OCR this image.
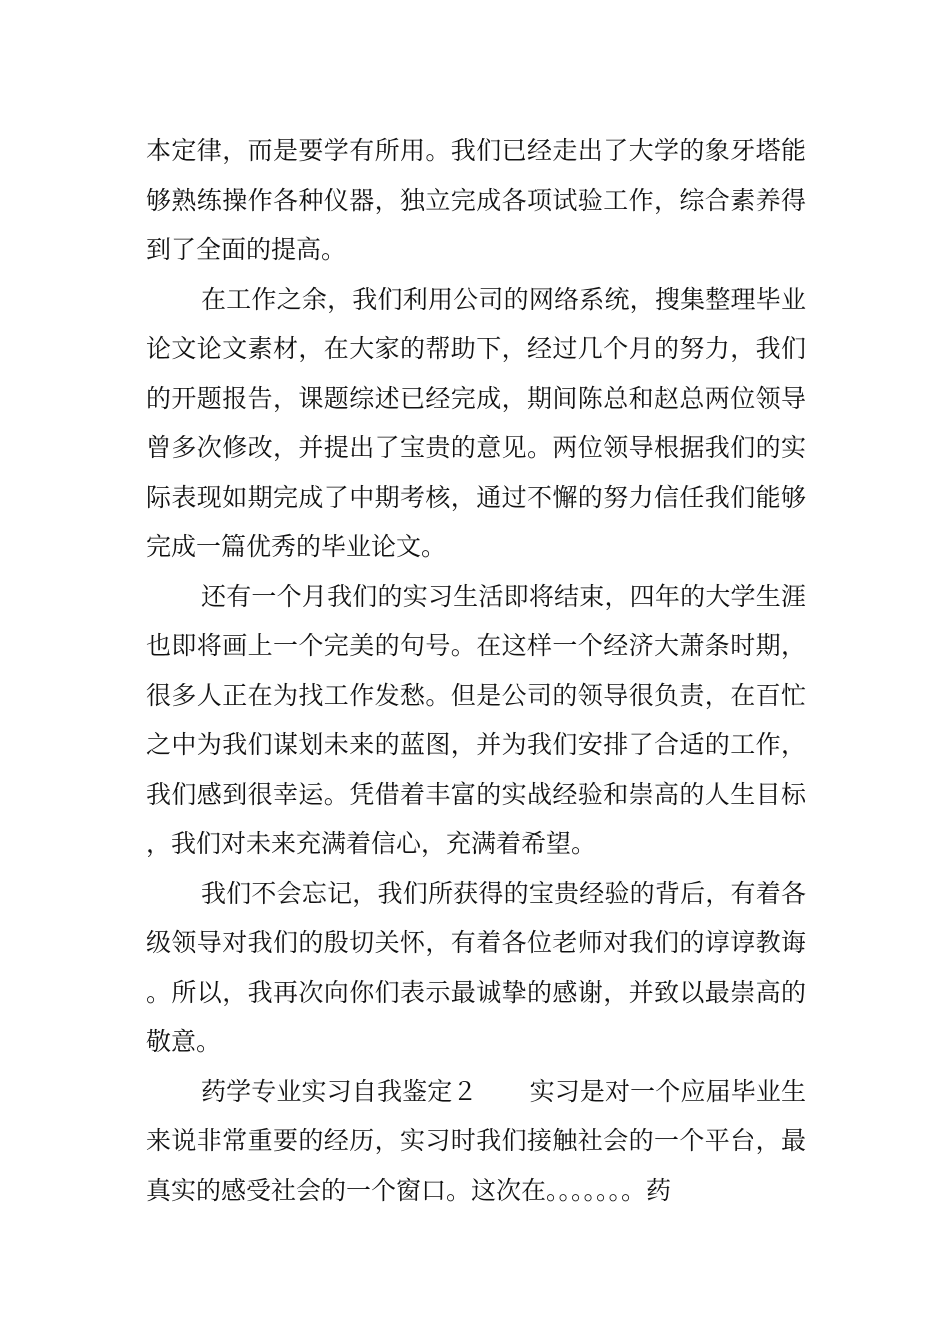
本定律，而是要学有所用。我们已经走出了大学的象牙塔能够熟练操作各种仪器，独立完成各项试验工作，综合素养得到了全面的提高。

在工作之余，我们利用公司的网络系统，搜集整理毕业论文论文素材，在大家的帮助下，经过几个月的努力，我们的开题报告，课题综述已经完成，期间陈总和赵总两位领导曾多次修改，并提出了宝贵的意见。两位领导根据我们的实际表现如期完成了中期考核，通过不懈的努力信任我们能够完成一篇优秀的毕业论文。

还有一个月我们的实习生活即将结束，四年的大学生涯也即将画上一个完美的句号。在这样一个经济大萧条时期，很多人正在为找工作发愁。但是公司的领导很负责，在百忙之中为我们谋划未来的蓝图，并为我们安排了合适的工作，我们感到很幸运。凭借着丰富的实战经验和崇高的人生目标，我们对未来充满着信心，充满着希望。

我们不会忘记，我们所获得的宝贵经验的背后，有着各级领导对我们的殷切关怀，有着各位老师对我们的谆谆教诲。所以，我再次向你们表示最诚挚的感谢，并致以最崇高的敬意。

药学专业实习自我鉴定２ 实习是对一个应届毕业生来说非常重要的经历，实习时我们接触社会的一个平台，最真实的感受社会的一个窗口。这次在。。。。。。。药
